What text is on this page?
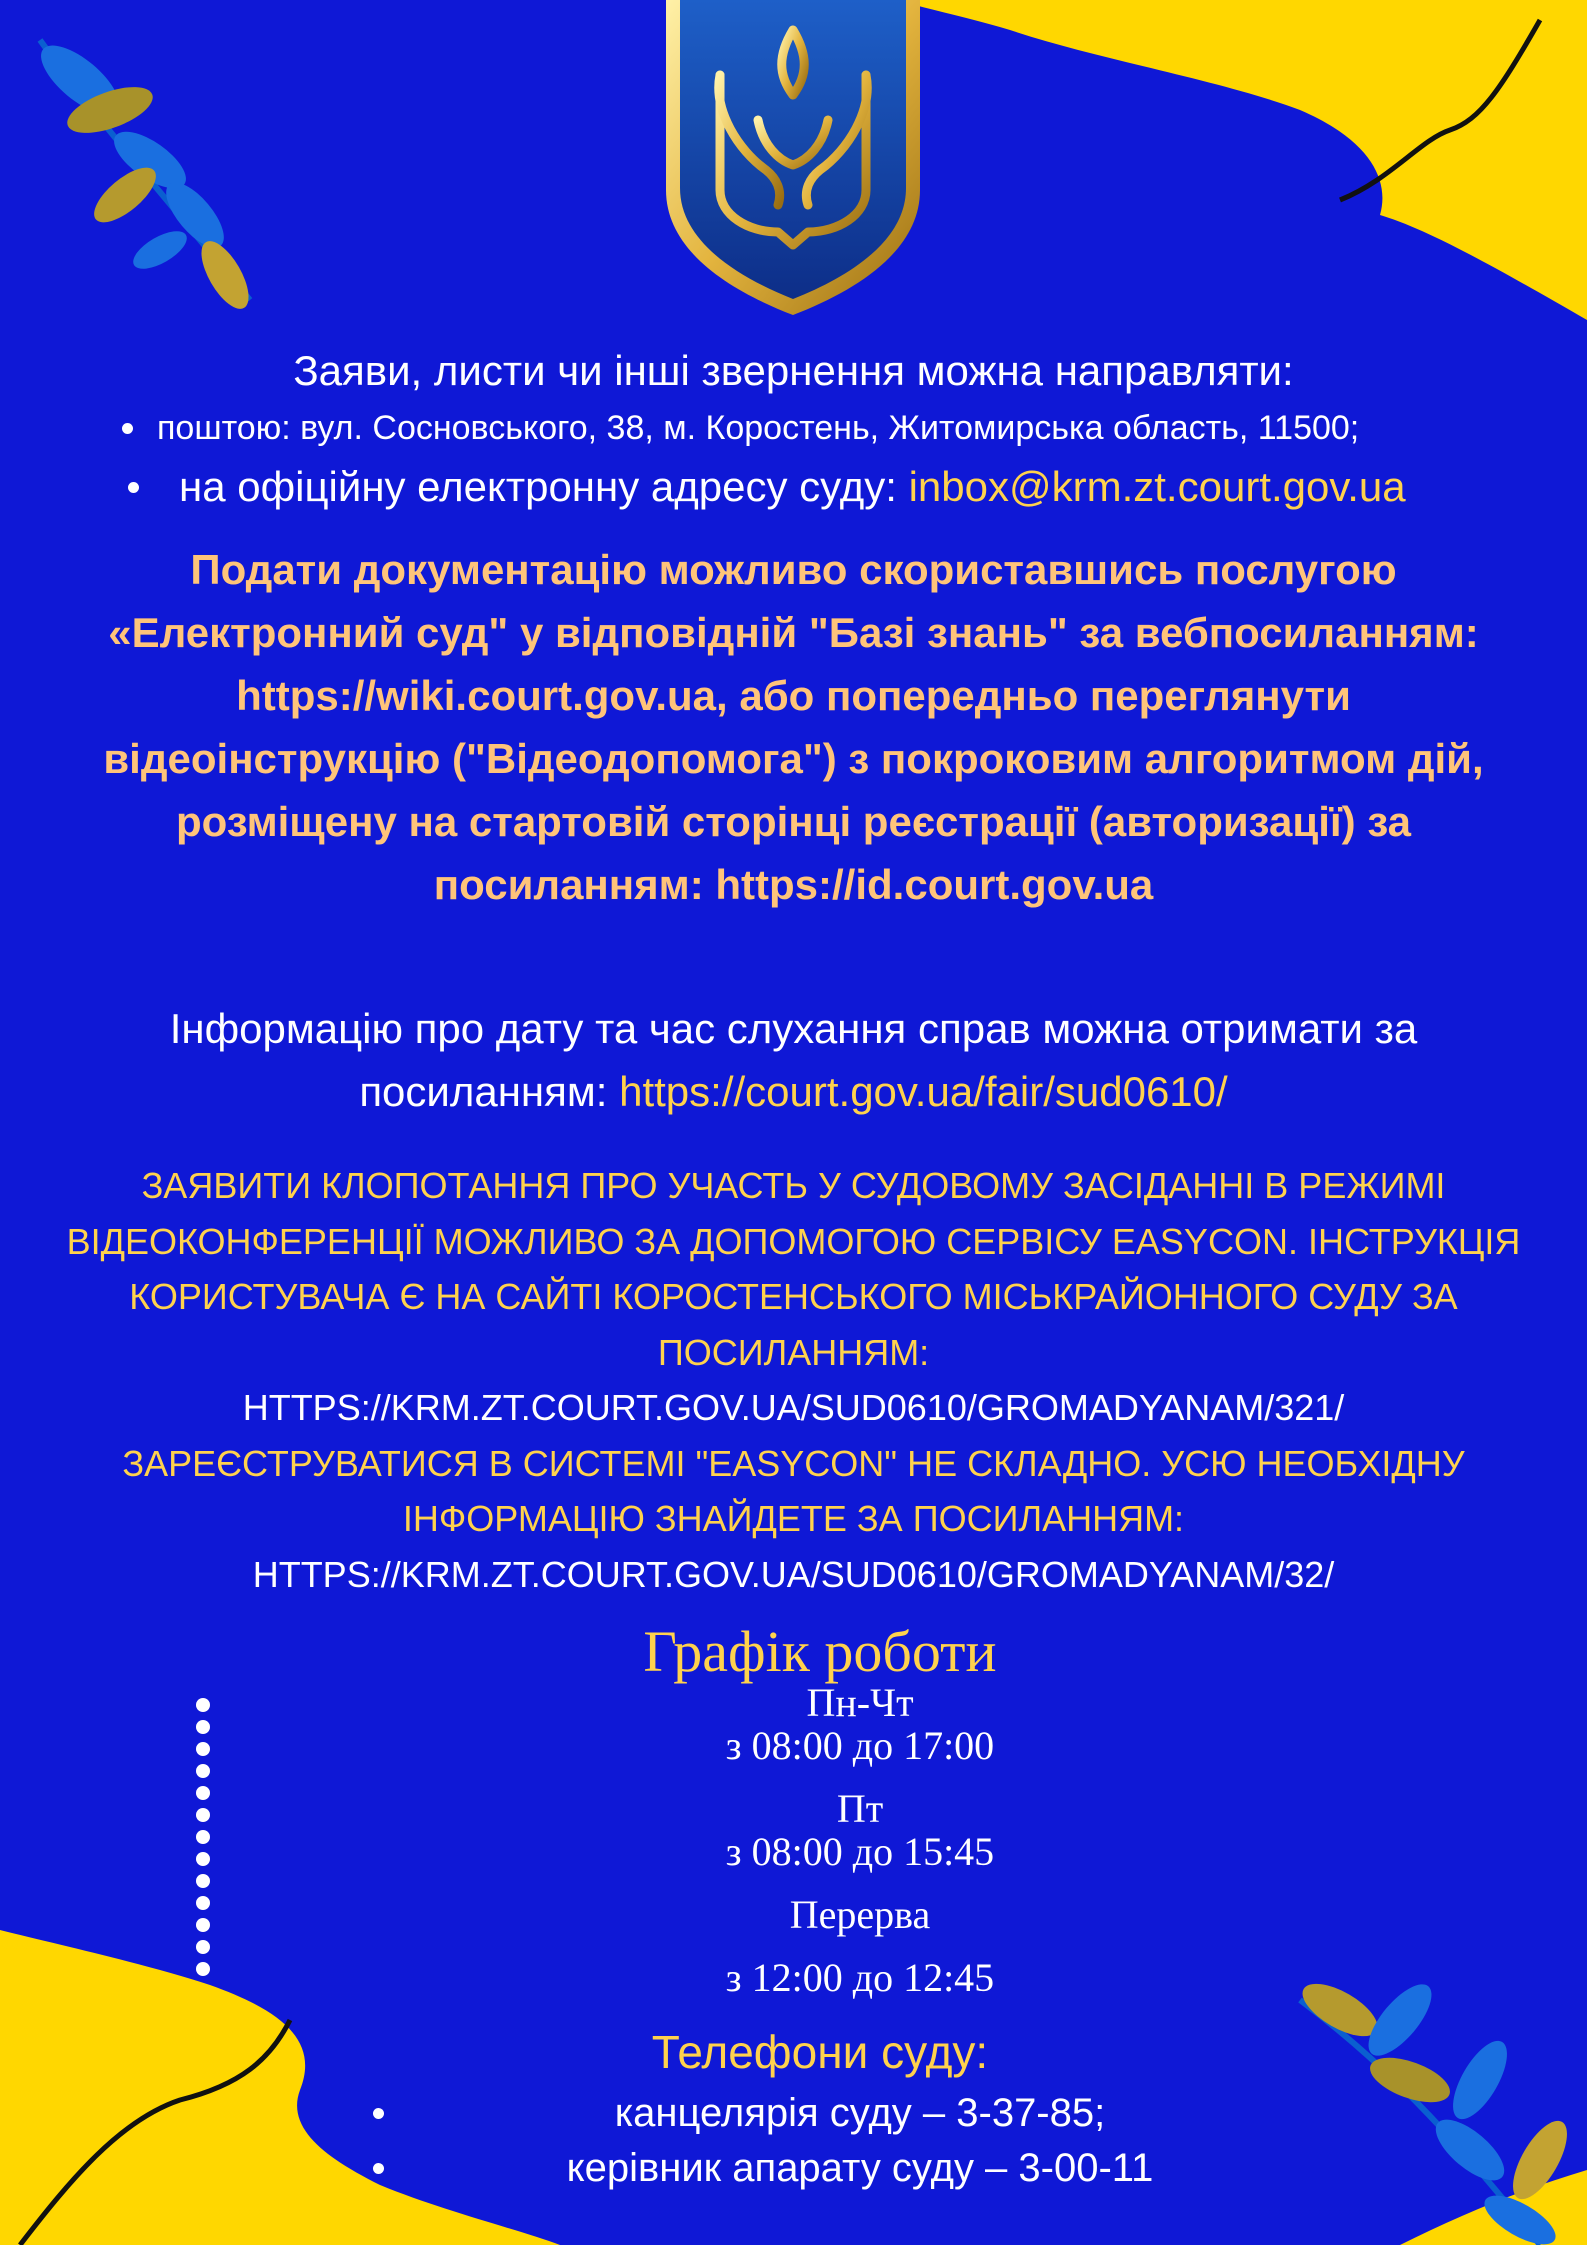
Заяви, листи чи інші звернення можна направляти:
поштою: вул. Сосновського, 38, м. Коростень, Житомирська область, 11500;
на офіційну електронну адресу суду:
inbox@krm.zt.court.gov.ua
Подати документацію можливо скориставшись послугою «Електронний суд" у відповідній "Базі знань" за вебпосиланням: https://wiki.court.gov.ua, або попередньо переглянути відеоінструкцію ("Відеодопомога") з покроковим алгоритмом дій, розміщену на стартовій сторінці реєстрації (авторизації) за посиланням: https://id.court.gov.ua
Інформацію про дату та час слухання справ можна отримати за посиланням: https://court.gov.ua/fair/sud0610/
ЗАЯВИТИ КЛОПОТАННЯ ПРО УЧАСТЬ У СУДОВОМУ ЗАСІДАННІ В РЕЖИМІ ВІДЕОКОНФЕРЕНЦІЇ МОЖЛИВО ЗА ДОПОМОГОЮ СЕРВІСУ EASYCON. ІНСТРУКЦІЯ КОРИСТУВАЧА Є НА САЙТІ КОРОСТЕНСЬКОГО МІСЬКРАЙОННОГО СУДУ ЗА ПОСИЛАННЯМ:
HTTPS://KRM.ZT.COURT.GOV.UA/SUD0610/GROMADYANAM/321/
ЗАРЕЄСТРУВАТИСЯ В СИСТЕМІ "EASYCON" НЕ СКЛАДНО. УСЮ НЕОБХІДНУ ІНФОРМАЦІЮ ЗНАЙДЕТЕ ЗА ПОСИЛАННЯМ:
HTTPS://KRM.ZT.COURT.GOV.UA/SUD0610/GROMADYANAM/32/
Графік роботи
Пн-Чт
з 08:00 до 17:00
Пт
з 08:00 до 15:45
Перерва
з 12:00 до 12:45
Телефони суду:
канцелярія суду – 3-37-85;
керівник апарату суду – 3-00-11
